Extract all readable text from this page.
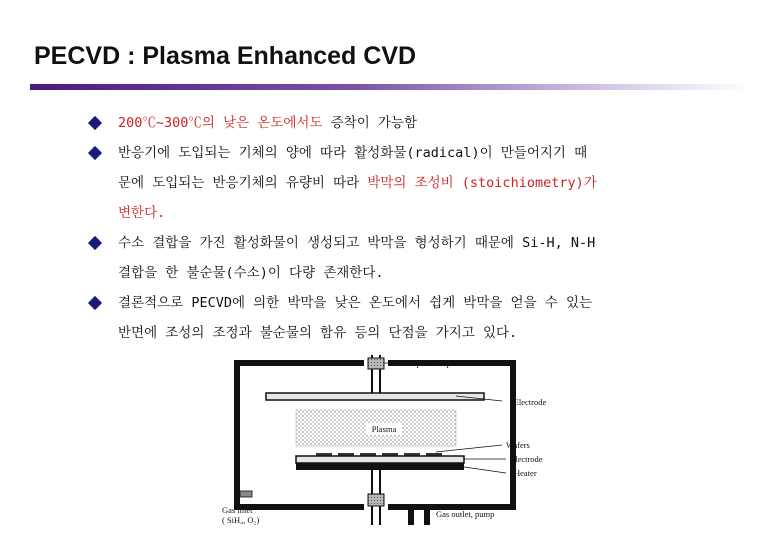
PECVD : Plasma Enhanced CVD
200℃~300℃의 낮은 온도에서도 증착이 가능함
반응기에 도입되는 기체의 양에 따라 활성화물(radical)이 만들어지기 때
문에 도입되는 반응기체의 유량비 따라 박막의 조성비 (stoichiometry)가
변한다.
수소 결합을 가진 활성화물이 생성되고 박막을 형성하기 때문에 Si-H, N-H
결합을 한 불순물(수소)이 다량 존재한다.
결론적으로 PECVD에 의한 박막을 낮은 온도에서 쉽게 박막을 얻을 수 있는
반면에 조성의 조정과 불순물의 함유 등의 단점을 가지고 있다.
RF power input
Electrode
Plasma
Wafers
Electrode
Heater
Gas inlet
( SiH₄, O₂)
Gas outlet, pump
